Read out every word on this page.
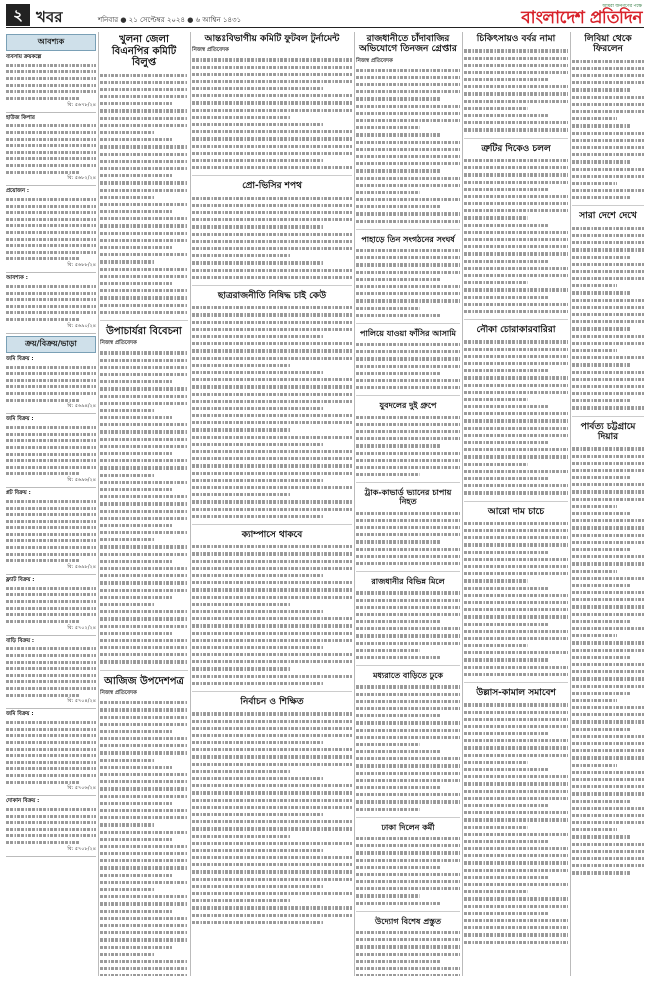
২ খবর	শনিবার ● ২১ সেপ্টেম্বর ২০২৪ ● ৬ আশ্বিন ১৪৩১
আমরা জনগণের পক্ষে
বাংলাদেশ প্রতিদিন
আবশ্যক
ব্যবসায় ক্রয়কল্পে
বি: ৫৬৭৮/২৪
হাউজ কিপার
বি: ৫৬৮২/২৪
প্রয়োজন :
বি: ৫৬৮৮/২৪
আবশ্যক :
বি: ৫৬৯০/২৪
ক্রয়/বিক্রয়/ভাড়া
জমি বিক্রয় :
বি: ৫৬৯৪/২৪
জমি বিক্রয় :
বি: ৫৬৯৬/২৪
প্লট বিক্রয় :
বি: ৫৬৯৮/২৪
ফ্ল্যাট বিক্রয় :
বি: ৫৭০২/২৪
বাড়ি বিক্রয় :
বি: ৫৭০৪/২৪
জমি বিক্রয় :
বি: ৫৭০৬/২৪
দোকান বিক্রয় :
বি: ৫৭০৮/২৪
খুলনা জেলা বিএনপির কমিটি বিলুপ্ত
উপাচার্যরা বিবেচনা
নিজস্ব প্রতিবেদক
আজিজ উপদেশপত্র
নিজস্ব প্রতিবেদক
আন্তঃবিভাগীয় কমিটি ফুটবল টুর্নামেন্ট
নিজস্ব প্রতিবেদক
প্রো-ভিসির শপথ
ছাত্ররাজনীতি নিষিদ্ধ চাই কেউ
ক্যাম্পাসে থাকবে
নির্বাচন ও শিক্ষিত
রাজধানীতে চাঁদাবাজির অভিযোগে তিনজন গ্রেপ্তার
নিজস্ব প্রতিবেদক
পাহাড়ে তিন সংগঠনের সংঘর্ষ
পালিয়ে যাওয়া ফাঁসির আসামি
যুবদলের দুই গ্রুপে
ট্রাক-কাভার্ড ভ্যানের চাপায় নিহত
রাজধানীর বিভিন্ন মিলে
মধ্যরাতে বাড়িতে ঢুকে
ঢাকা দিলেন কর্মী
উদ্যোগ বিশেষ প্রস্তুত
চিকিৎসায়ও বর্বর নামা
ত্রুটির দিকেও চলল
নৌকা চোরাকারবারিরা
আরো দাম চাচে
উল্লাস-কামাল সমাবেশ
লিবিয়া থেকে ফিরলেন
সারা দেশে দেখে
পার্বত্য চট্টগ্রামে দিয়ার
